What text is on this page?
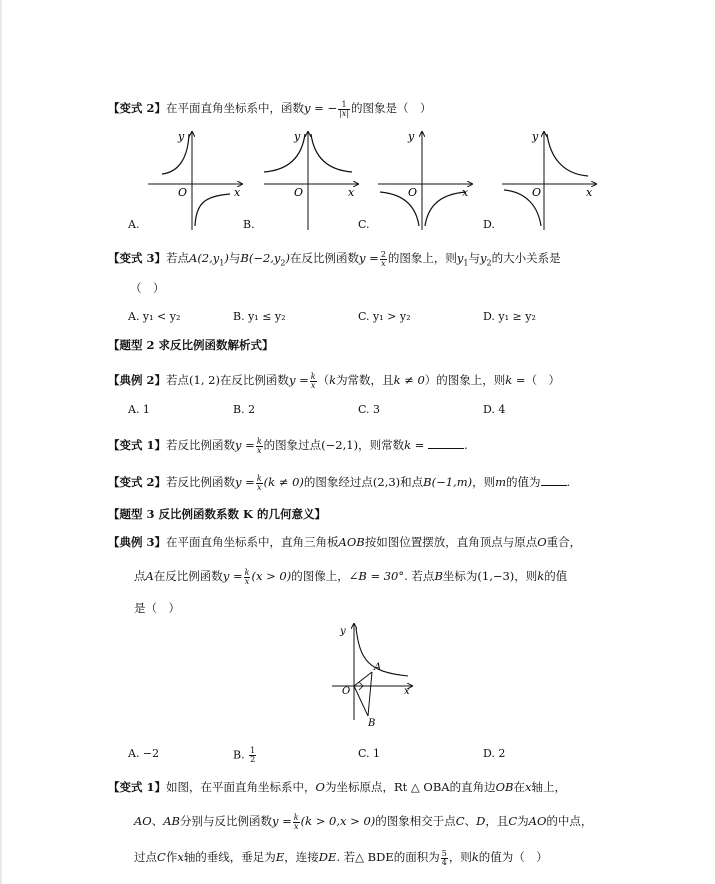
【变式 2】在平面直角坐标系中，函数y = − $\frac{1}{|x|}$ 的图象是（　）
y
x
O
y
x
O
y
x
O
y
x
O
A.	B.	C.	D.
【变式 3】若点$A(2,y_1)$与$B(-2,y_2)$在反比例函数$y = \frac{2}{x}$ 的图象上，则$y_1$与$y_2$的大小关系是
（　）
A. y₁ < y₂	B. y₁ ≤ y₂	C. y₁ > y₂	D. y₁ ≥ y₂
【题型 2 求反比例函数解析式】
【典例 2】若点(1, 2)在反比例函数$y = \frac{k}{x} (k$为常数，且k ≠ 0）的图象上，则k =（　）
A. 1	B. 2	C. 3	D. 4
【变式 1】若反比例函数$y = \frac{k}{x}$ 的图象过点(−2,1)，则常数k =	.
【变式 2】若反比例函数$y = \frac{k}{x} (k \ne 0)$的图象经过点(2,3)和点B(−1,m)，则m的值为 .
【题型 3 反比例函数系数 K 的几何意义】
【典例 3】在平面直角坐标系中，直角三角板AOB按如图位置摆放，直角顶点与原点O重合，
点A在反比例函数$y = \frac{k}{x} (x > 0)$的图像上，∠B = 30°. 若点B坐标为(1,−3)，则k的值
是（　）
y
x
O
A
B
A. −2	B. $\frac{1}{2}$	C. 1	D. 2
【变式 1】如图，在平面直角坐标系中，O为坐标原点，Rt △ OBA的直角边OB在x轴上，
AO、AB分别与反比例函数$y = \frac{k}{x} (k > 0,x > 0)$的图象相交于点C、D，且C为AO的中点，
过点C作x轴的垂线，垂足为E，连接DE. 若△ BDE的面积为 $\frac{5}{4}$ ，则k的值为（　）
